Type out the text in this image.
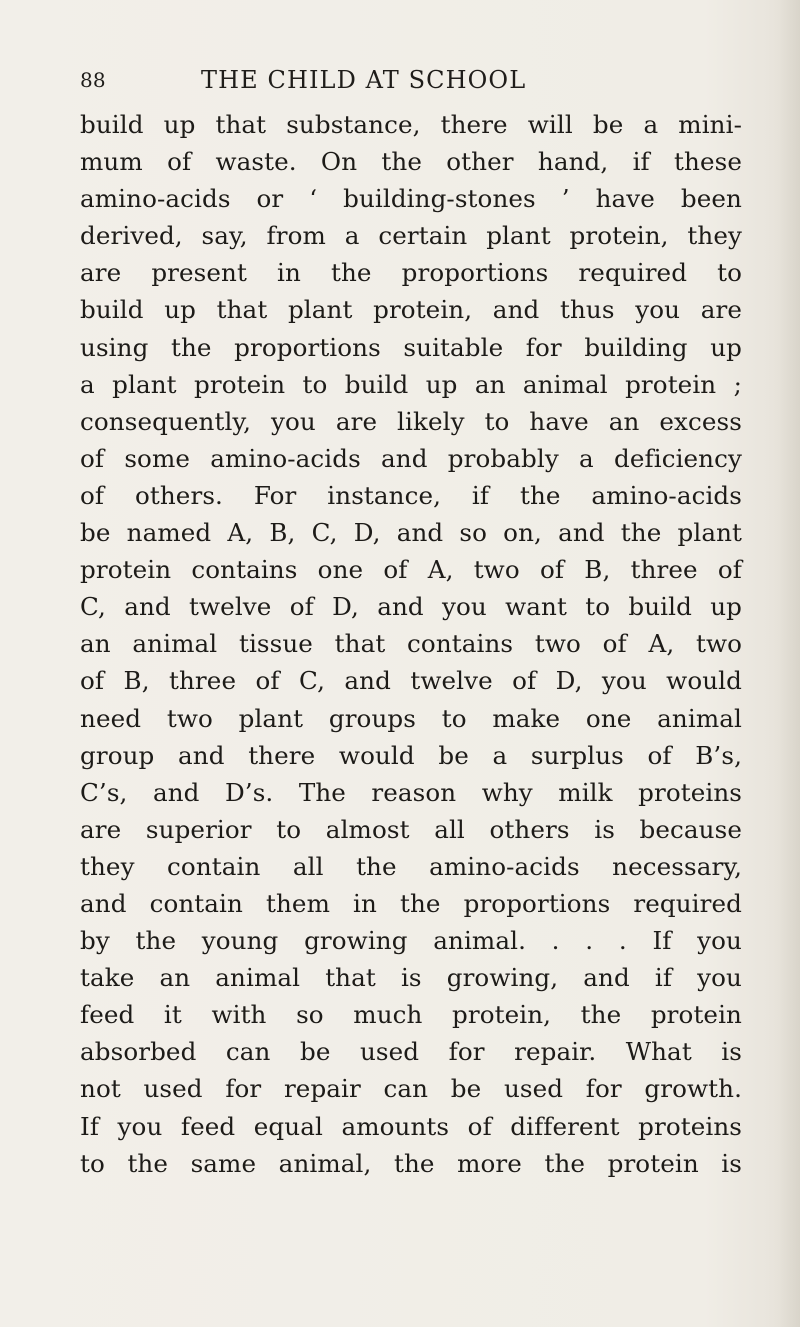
88	THE CHILD AT SCHOOL
build up that substance, there will be a mini-
mum of waste. On the other hand, if these
amino-acids or ‘ building-stones ’ have been
derived, say, from a certain plant protein, they
are present in the proportions required to
build up that plant protein, and thus you are
using the proportions suitable for building up
a plant protein to build up an animal protein ;
consequently, you are likely to have an excess
of some amino-acids and probably a deficiency
of others. For instance, if the amino-acids
be named A, B, C, D, and so on, and the plant
protein contains one of A, two of B, three of
C, and twelve of D, and you want to build up
an animal tissue that contains two of A, two
of B, three of C, and twelve of D, you would
need two plant groups to make one animal
group and there would be a surplus of B’s,
C’s, and D’s. The reason why milk proteins
are superior to almost all others is because
they contain all the amino-acids necessary,
and contain them in the proportions required
by the young growing animal. . . . If you
take an animal that is growing, and if you
feed it with so much protein, the protein
absorbed can be used for repair. What is
not used for repair can be used for growth.
If you feed equal amounts of different proteins
to the same animal, the more the protein is
